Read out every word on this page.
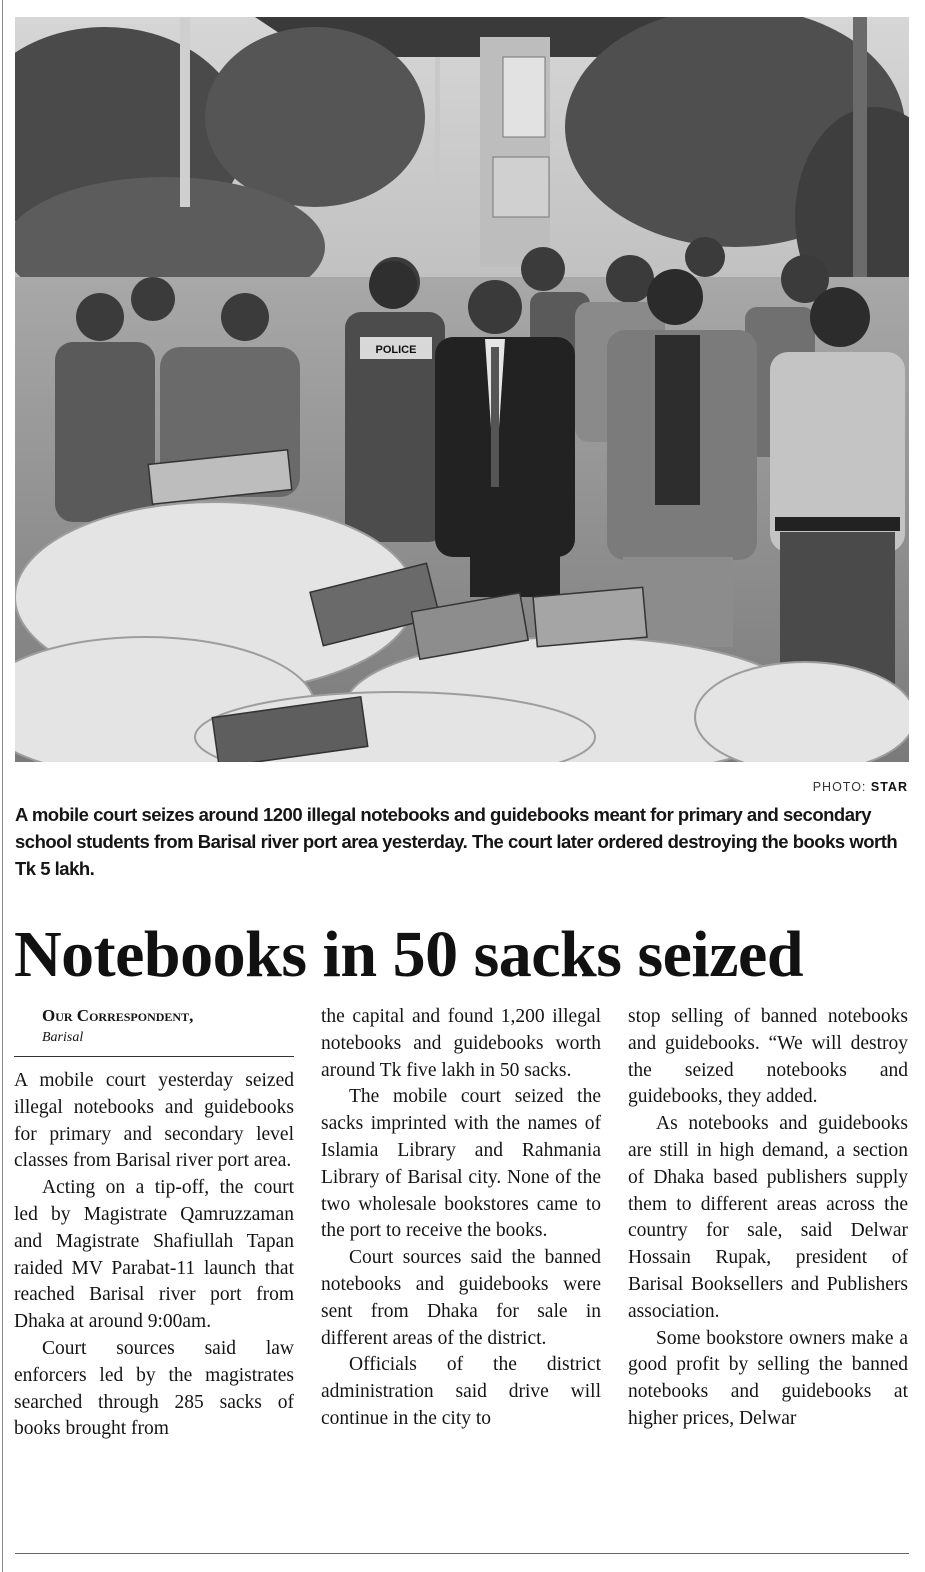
POLICE
PHOTO: STAR

A mobile court seizes around 1200 illegal notebooks and guidebooks meant for primary and secondary school students from Barisal river port area yesterday. The court later ordered destroying the books worth Tk 5 lakh.

Notebooks in 50 sacks seized

Our Correspondent,

Barisal

A mobile court yesterday seized illegal notebooks and guidebooks for primary and secondary level classes from Barisal river port area.

Acting on a tip-off, the court led by Magistrate Qamruzzaman and Magistrate Shafiullah Tapan raided MV Parabat-11 launch that reached Barisal river port from Dhaka at around 9:00am.

Court sources said law enforcers led by the magistrates searched through 285 sacks of books brought from

the capital and found 1,200 illegal notebooks and guidebooks worth around Tk five lakh in 50 sacks.

The mobile court seized the sacks imprinted with the names of Islamia Library and Rahmania Library of Barisal city. None of the two wholesale bookstores came to the port to receive the books.

Court sources said the banned notebooks and guidebooks were sent from Dhaka for sale in different areas of the district.

Officials of the district administration said drive will continue in the city to

stop selling of banned notebooks and guidebooks. “We will destroy the seized notebooks and guidebooks, they added.

As notebooks and guidebooks are still in high demand, a section of Dhaka based publishers supply them to different areas across the country for sale, said Delwar Hossain Rupak, president of Barisal Booksellers and Publishers association.

Some bookstore owners make a good profit by selling the banned notebooks and guidebooks at higher prices, Delwar
